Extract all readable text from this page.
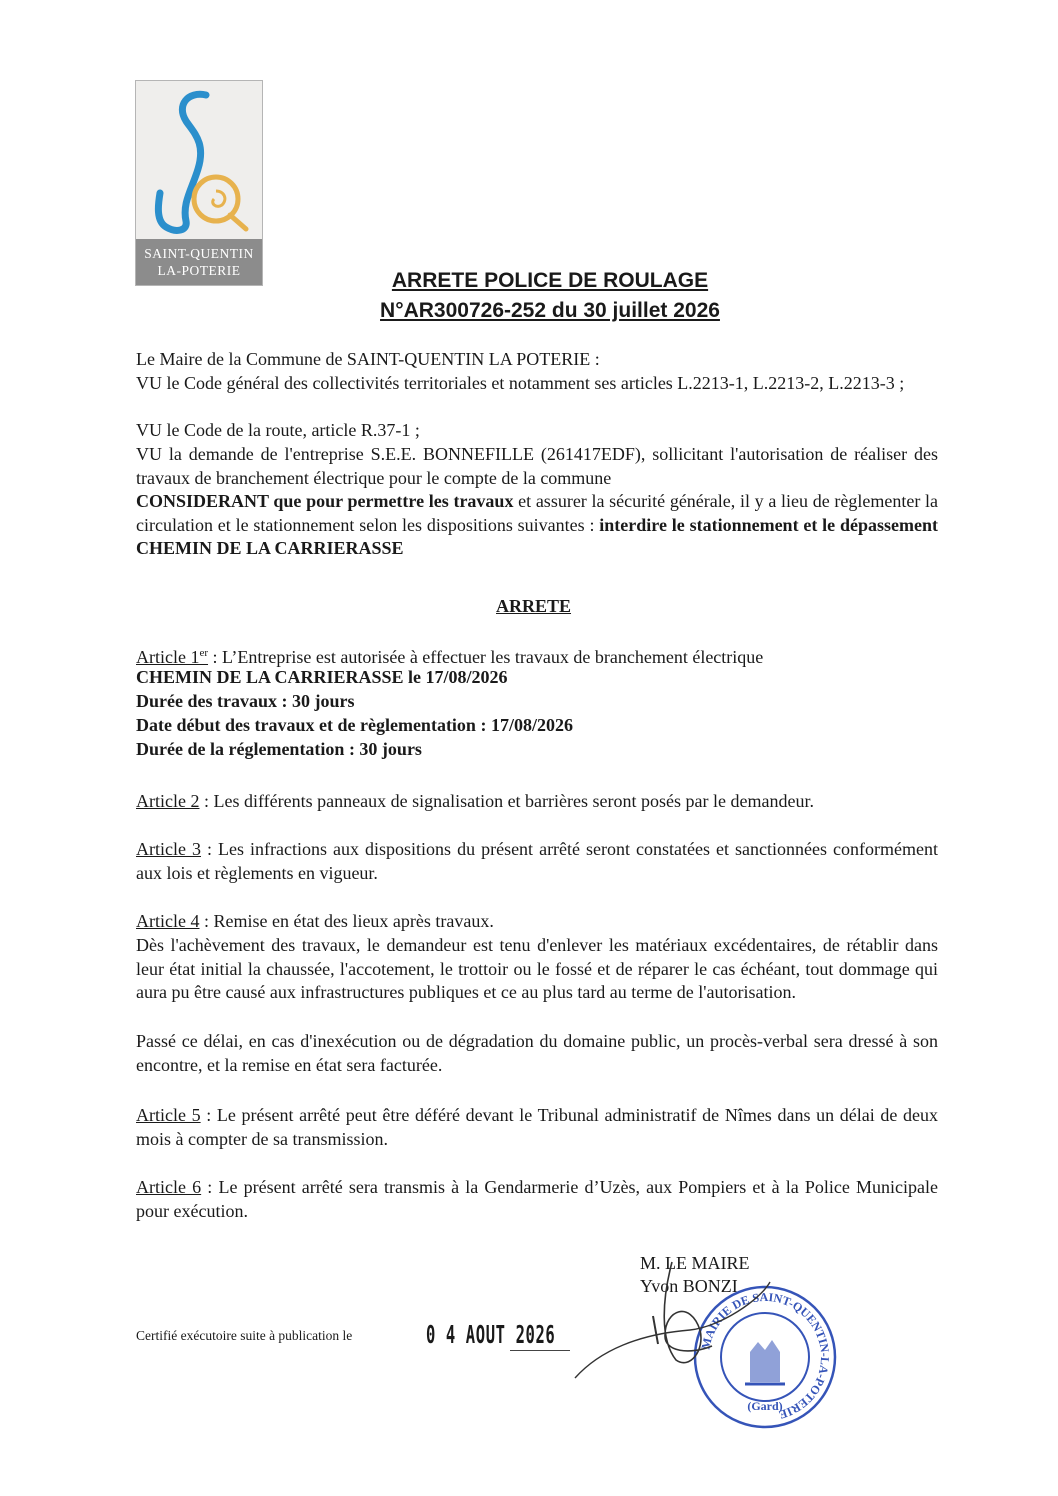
SAINT-QUENTIN
LA-POTERIE	ARRETE POLICE DE ROULAGE
N°AR300726-252 du 30 juillet 2026

Le Maire de la Commune de SAINT-QUENTIN LA POTERIE :

VU le Code général des collectivités territoriales et notamment ses articles L.2213-1, L.2213-2, L.2213-3 ;

VU le Code de la route, article R.37-1 ;

VU la demande de l'entreprise S.E.E. BONNEFILLE (261417EDF), sollicitant l'autorisation de réaliser des travaux de branchement électrique pour le compte de la commune

CONSIDERANT que pour permettre les travaux et assurer la sécurité générale, il y a lieu de règlementer la circulation et le stationnement selon les dispositions suivantes : interdire le stationnement et le dépassement CHEMIN DE LA CARRIERASSE

ARRETE

Article 1er : L’Entreprise est autorisée à effectuer les travaux de branchement électrique

CHEMIN DE LA CARRIERASSE le 17/08/2026

Durée des travaux : 30 jours

Date début des travaux et de règlementation : 17/08/2026

Durée de la réglementation : 30 jours

Article 2 : Les différents panneaux de signalisation et barrières seront posés par le demandeur.

Article 3 : Les infractions aux dispositions du présent arrêté seront constatées et sanctionnées conformément aux lois et règlements en vigueur.

Article 4 : Remise en état des lieux après travaux.

Dès l'achèvement des travaux, le demandeur est tenu d'enlever les matériaux excédentaires, de rétablir dans leur état initial la chaussée, l'accotement, le trottoir ou le fossé et de réparer le cas échéant, tout dommage qui aura pu être causé aux infrastructures publiques et ce au plus tard au terme de l'autorisation.

Passé ce délai, en cas d'inexécution ou de dégradation du domaine public, un procès-verbal sera dressé à son encontre, et la remise en état sera facturée.

Article 5 : Le présent arrêté peut être déféré devant le Tribunal administratif de Nîmes dans un délai de deux mois à compter de sa transmission.

Article 6 : Le présent arrêté sera transmis à la Gendarmerie d’Uzès, aux Pompiers et à la Police Municipale pour exécution.

M. LE MAIRE
Yvon BONZI
MAIRIE DE SAINT-QUENTIN-LA-POTERIE
(Gard)
Certifié exécutoire suite à publication le	0 4 AOUT 2026
